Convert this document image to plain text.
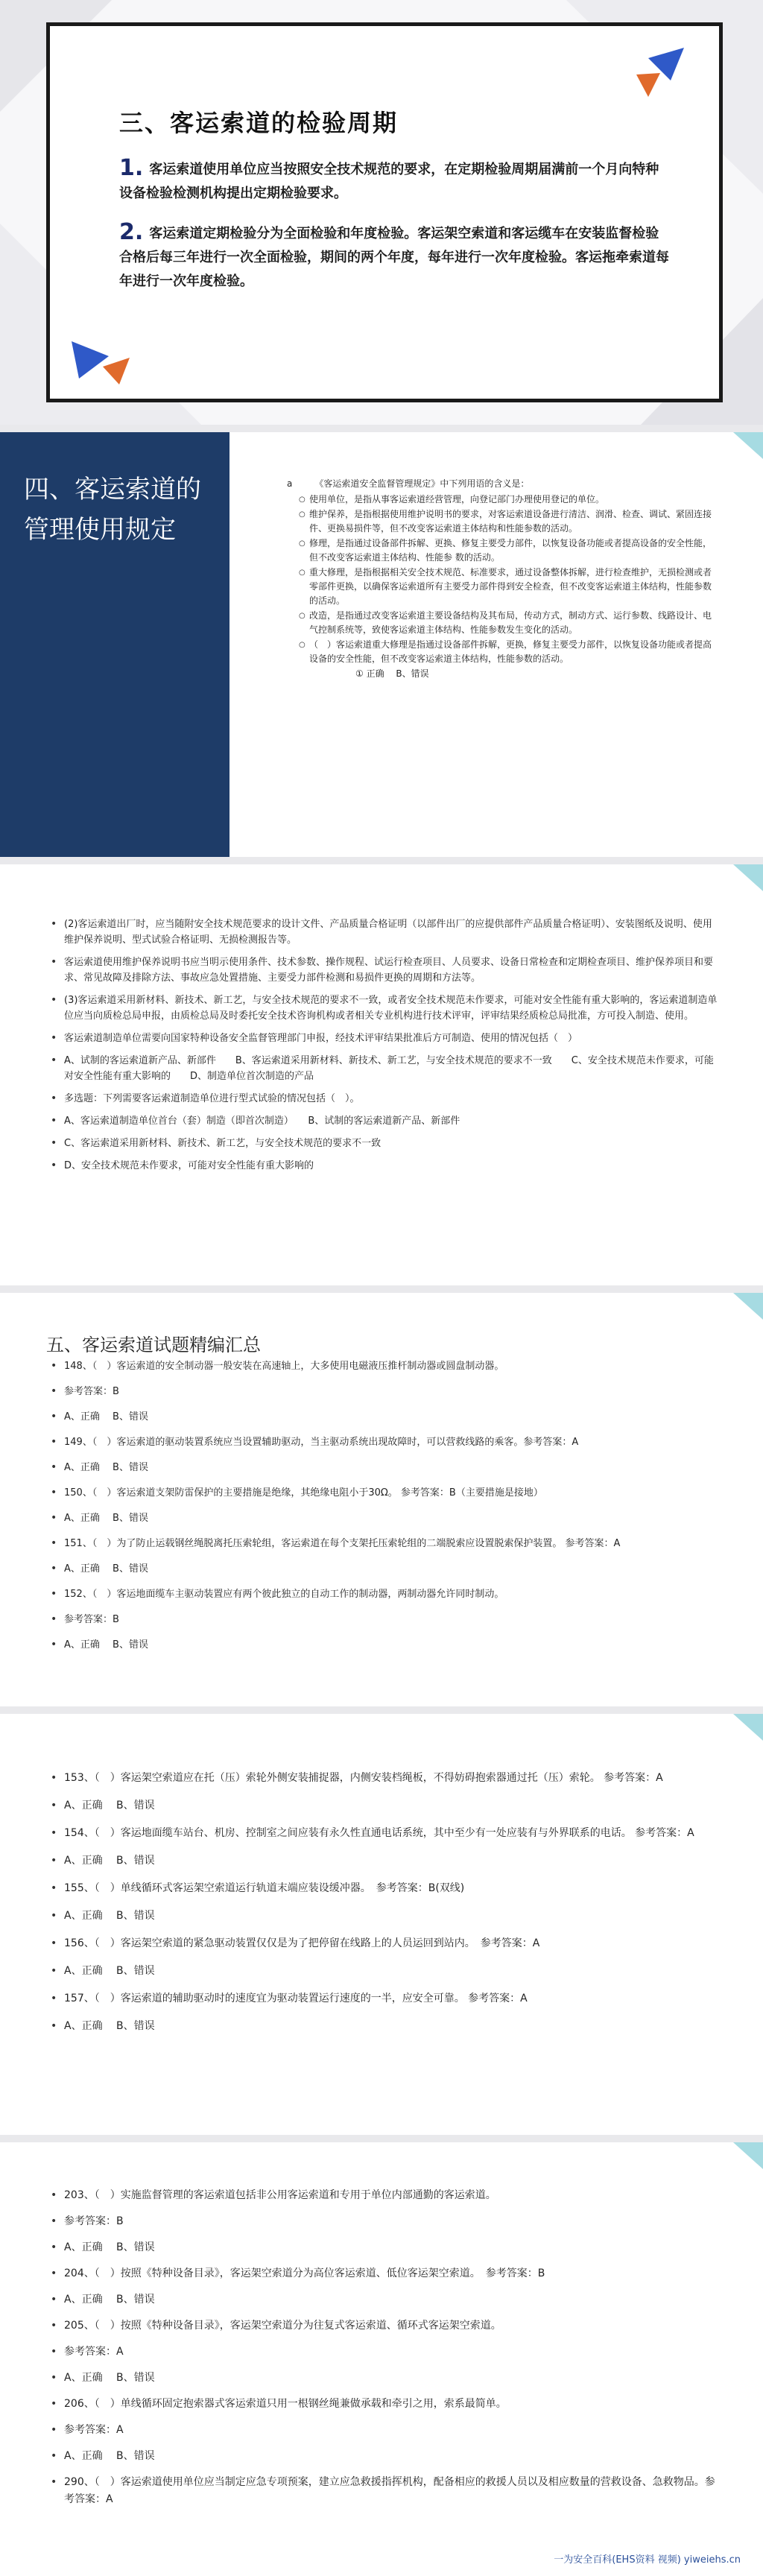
三、客运索道的检验周期
1. 客运索道使用单位应当按照安全技术规范的要求，在定期检验周期届满前一个月向特种设备检验检测机构提出定期检验要求。
2. 客运索道定期检验分为全面检验和年度检验。客运架空索道和客运缆车在安装监督检验合格后每三年进行一次全面检验，期间的两个年度，每年进行一次年度检验。客运拖牵索道每年进行一次年度检验。
四、客运索道的管理使用规定
a	《客运索道安全监督管理规定》中下列用语的含义是：
○ 使用单位，是指从事客运索道经营管理，向登记部门办理使用登记的单位。
○ 维护保养，是指根据使用维护说明书的要求，对客运索道设备进行清洁、润滑、检查、调试、紧固连接件、更换易损件等，但不改变客运索道主体结构和性能参数的活动。
○ 修理，是指通过设备部件拆解、更换、修复主要受力部件，以恢复设备功能或者提高设备的安全性能，但不改变客运索道主体结构、性能参 数的活动。
○ 重大修理，是指根据相关安全技术规范、标准要求，通过设备整体拆解，进行检查维护，无损检测或者零部件更换，以确保客运索道所有主要受力部件得到安全检查，但不改变客运索道主体结构，性能参数的活动。
○ 改造，是指通过改变客运索道主要设备结构及其布局，传动方式，制动方式、运行参数、线路设计、电气控制系统等，致使客运索道主体结构、性能参数发生变化的活动。
○ （　）客运索道重大修理是指通过设备部件拆解，更换，修复主要受力部件，以恢复设备功能或者提高设备的安全性能，但不改变客运索道主体结构，性能参数的活动。
① 正确　 B、错误
• (2)客运索道出厂时，应当随附安全技术规范要求的设计文件、产品质量合格证明（以部件出厂的应提供部件产品质量合格证明）、安装图纸及说明、使用维护保养说明、型式试验合格证明、无损检测报告等。
• 客运索道使用维护保养说明书应当明示使用条件、技术参数、操作规程、试运行检查项目、人员要求、设备日常检查和定期检查项目、维护保养项目和要求、常见故障及排除方法、事故应急处置措施、主要受力部件检测和易损件更换的周期和方法等。
• (3)客运索道采用新材料、新技术、新工艺，与安全技术规范的要求不一致，或者安全技术规范未作要求，可能对安全性能有重大影响的，客运索道制造单位应当向质检总局申报，由质检总局及时委托安全技术咨询机构或者相关专业机构进行技术评审，评审结果经质检总局批准，方可投入制造、使用。
• 客运索道制造单位需要向国家特种设备安全监督管理部门申报，经技术评审结果批准后方可制造、使用的情况包括（　）
• A、试制的客运索道新产品、新部件　　B、客运索道采用新材料、新技术、新工艺，与安全技术规范的要求不一致　　C、安全技术规范未作要求，可能对安全性能有重大影响的　　D、制造单位首次制造的产品
• 多选题：下列需要客运索道制造单位进行型式试验的情况包括（　）。
• A、客运索道制造单位首台（套）制造（即首次制造）　　B、试制的客运索道新产品、新部件
• C、客运索道采用新材料、新技术、新工艺，与安全技术规范的要求不一致
• D、安全技术规范未作要求，可能对安全性能有重大影响的
五、客运索道试题精编汇总
• 148、（　）客运索道的安全制动器一般安装在高速轴上，大多使用电磁液压推杆制动器或圆盘制动器。
• 参考答案：B
• A、正确　 B、错误
• 149、（　）客运索道的驱动装置系统应当设置辅助驱动，当主驱动系统出现故障时，可以营救线路的乘客。参考答案：A
• A、正确　 B、错误
• 150、（　）客运索道支架防雷保护的主要措施是绝缘，其绝缘电阻小于30Ω。 参考答案：B（主要措施是接地）
• A、正确　 B、错误
• 151、（　）为了防止运载钢丝绳脱离托压索轮组，客运索道在每个支架托压索轮组的二端脱索应设置脱索保护装置。 参考答案：A
• A、正确　 B、错误
• 152、（　）客运地面缆车主驱动装置应有两个彼此独立的自动工作的制动器，两制动器允许同时制动。
• 参考答案：B
• A、正确　 B、错误
• 153、（　）客运架空索道应在托（压）索轮外侧安装捕捉器，内侧安装档绳板，不得妨碍抱索器通过托（压）索轮。 参考答案：A
• A、正确　 B、错误
• 154、（　）客运地面缆车站台、机房、控制室之间应装有永久性直通电话系统，其中至少有一处应装有与外界联系的电话。 参考答案：A
• A、正确　 B、错误
• 155、（　）单线循环式客运架空索道运行轨道末端应装设缓冲器。　参考答案：B(双线)
• A、正确　 B、错误
• 156、（　）客运架空索道的紧急驱动装置仅仅是为了把停留在线路上的人员运回到站内。　参考答案：A
• A、正确　 B、错误
• 157、（　）客运索道的辅助驱动时的速度宜为驱动装置运行速度的一半，应安全可靠。 参考答案：A
• A、正确　 B、错误
• 203、（　）实施监督管理的客运索道包括非公用客运索道和专用于单位内部通勤的客运索道。
• 参考答案：B
• A、正确　 B、错误
• 204、（　）按照《特种设备目录》，客运架空索道分为高位客运索道、低位客运架空索道。　参考答案：B
• A、正确　 B、错误
• 205、（　）按照《特种设备目录》，客运架空索道分为往复式客运索道、循环式客运架空索道。
• 参考答案：A
• A、正确　 B、错误
• 206、（　）单线循环固定抱索器式客运索道只用一根钢丝绳兼做承载和牵引之用，索系最简单。
• 参考答案：A
• A、正确　 B、错误
• 290、（　）客运索道使用单位应当制定应急专项预案，建立应急救援指挥机构，配备相应的救援人员以及相应数量的营救设备、急救物品。参考答案：A
一为安全百科(EHS资料 视频) yiweiehs.cn
